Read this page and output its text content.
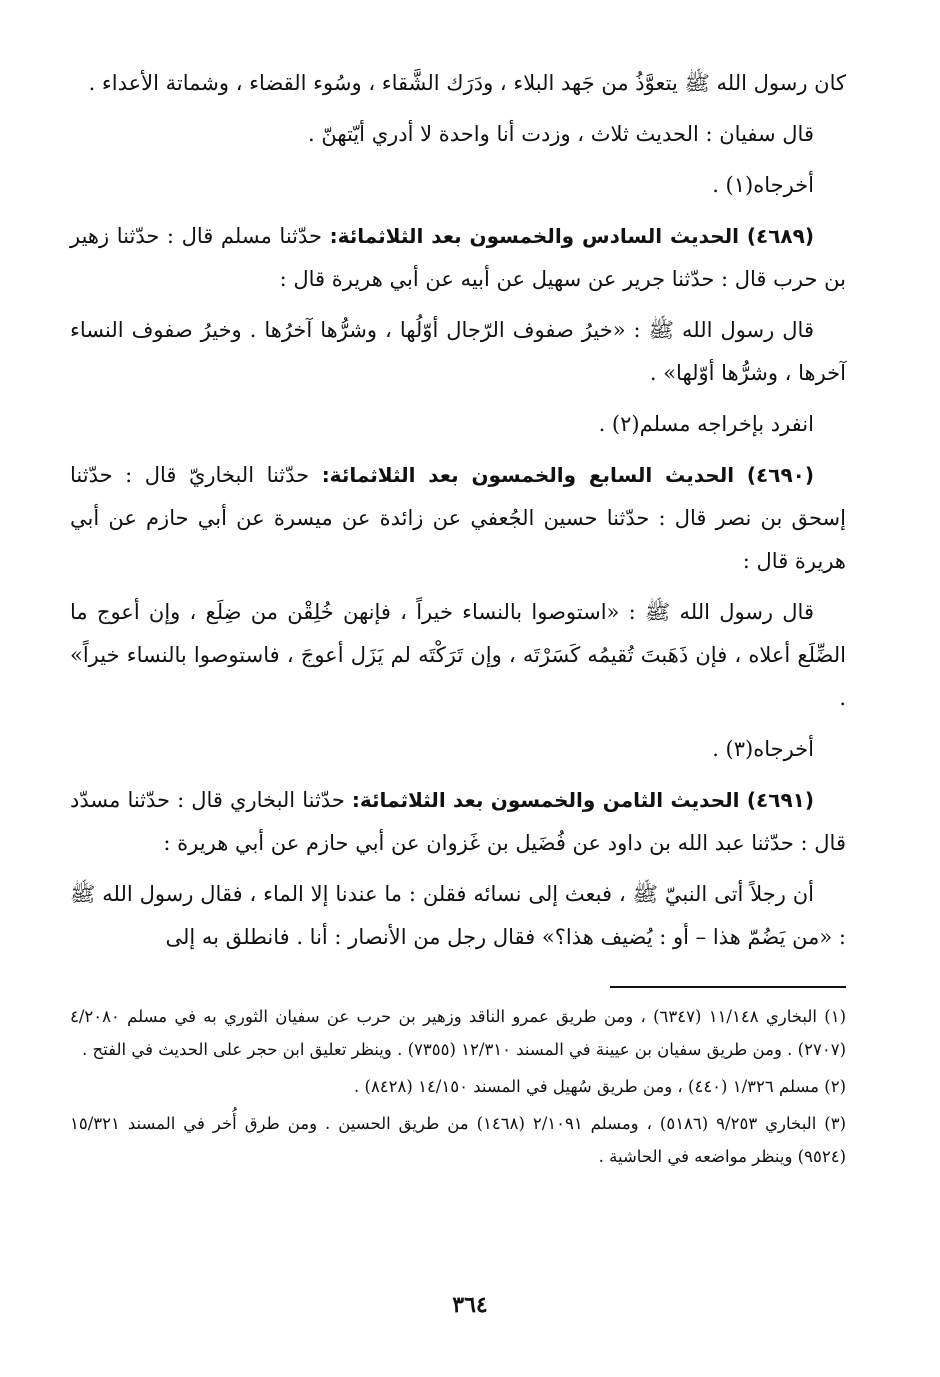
كان رسول الله ﷺ يتعوَّذُ من جَهد البلاء ، ودَرَك الشَّقاء ، وسُوء القضاء ، وشماتة الأعداء .

قال سفيان : الحديث ثلاث ، وزدت أنا واحدة لا أدري أيّتهنّ .

أخرجاه(١) .

(٤٦٨٩) الحديث السادس والخمسون بعد الثلاثمائة: حدّثنا مسلم قال : حدّثنا زهير بن حرب قال : حدّثنا جرير عن سهيل عن أبيه عن أبي هريرة قال :

قال رسول الله ﷺ : «خيرُ صفوف الرّجال أوّلُها ، وشرُّها آخرُها . وخيرُ صفوف النساء آخرها ، وشرُّها أوّلها» .

انفرد بإخراجه مسلم(٢) .

(٤٦٩٠) الحديث السابع والخمسون بعد الثلاثمائة: حدّثنا البخاريّ قال : حدّثنا إسحق بن نصر قال : حدّثنا حسين الجُعفي عن زائدة عن ميسرة عن أبي حازم عن أبي هريرة قال :

قال رسول الله ﷺ : «استوصوا بالنساء خيراً ، فإنهن خُلِقْن من ضِلَع ، وإن أعوج ما الضِّلَع أعلاه ، فإن ذَهَبتَ تُقيمُه كَسَرْتَه ، وإن تَرَكْتَه لم يَزَل أعوجَ ، فاستوصوا بالنساء خيراً» .

أخرجاه(٣) .

(٤٦٩١) الحديث الثامن والخمسون بعد الثلاثمائة: حدّثنا البخاري قال : حدّثنا مسدّد قال : حدّثنا عبد الله بن داود عن فُضَيل بن غَزوان عن أبي حازم عن أبي هريرة :

أن رجلاً أتى النبيّ ﷺ ، فبعث إلى نسائه فقلن : ما عندنا إلا الماء ، فقال رسول الله ﷺ : «من يَضُمّ هذا – أو : يُضيف هذا؟» فقال رجل من الأنصار : أنا . فانطلق به إلى

(١) البخاري ١١/١٤٨ (٦٣٤٧) ، ومن طريق عمرو الناقد وزهير بن حرب عن سفيان الثوري به في مسلم ٤/٢٠٨٠ (٢٧٠٧) . ومن طريق سفيان بن عيينة في المسند ١٢/٣١٠ (٧٣٥٥) . وينظر تعليق ابن حجر على الحديث في الفتح .

(٢) مسلم ١/٣٢٦ (٤٤٠) ، ومن طريق سُهيل في المسند ١٤/١٥٠ (٨٤٢٨) .

(٣) البخاري ٩/٢٥٣ (٥١٨٦) ، ومسلم ٢/١٠٩١ (١٤٦٨) من طريق الحسين . ومن طرق أُخر في المسند ١٥/٣٢١ (٩٥٢٤) وينظر مواضعه في الحاشية .

٣٦٤
